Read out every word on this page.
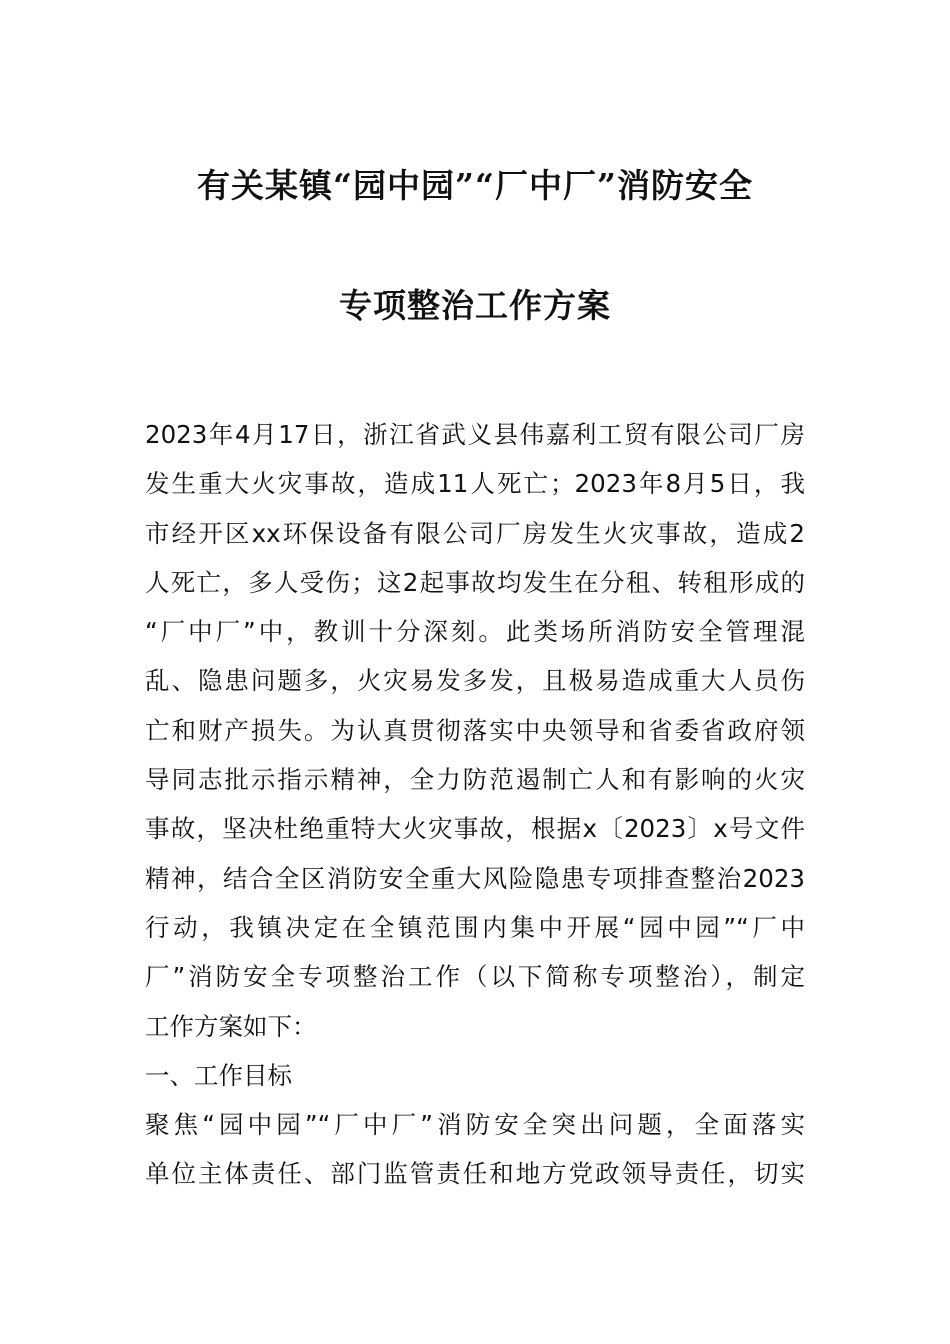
有关某镇“园中园”“厂中厂”消防安全
专项整治工作方案
2023年4月17日，浙江省武义县伟嘉利工贸有限公司厂房
发生重大火灾事故，造成11人死亡；2023年8月5日，我
市经开区xx环保设备有限公司厂房发生火灾事故，造成2
人死亡，多人受伤；这2起事故均发生在分租、转租形成的
“厂中厂”中，教训十分深刻。此类场所消防安全管理混
乱、隐患问题多，火灾易发多发，且极易造成重大人员伤
亡和财产损失。为认真贯彻落实中央领导和省委省政府领
导同志批示指示精神，全力防范遏制亡人和有影响的火灾
事故，坚决杜绝重特大火灾事故，根据x〔2023〕x号文件
精神，结合全区消防安全重大风险隐患专项排查整治2023
行动，我镇决定在全镇范围内集中开展“园中园”“厂中
厂”消防安全专项整治工作（以下简称专项整治），制定
工作方案如下：
一、工作目标
聚焦“园中园”“厂中厂”消防安全突出问题，全面落实
单位主体责任、部门监管责任和地方党政领导责任，切实
